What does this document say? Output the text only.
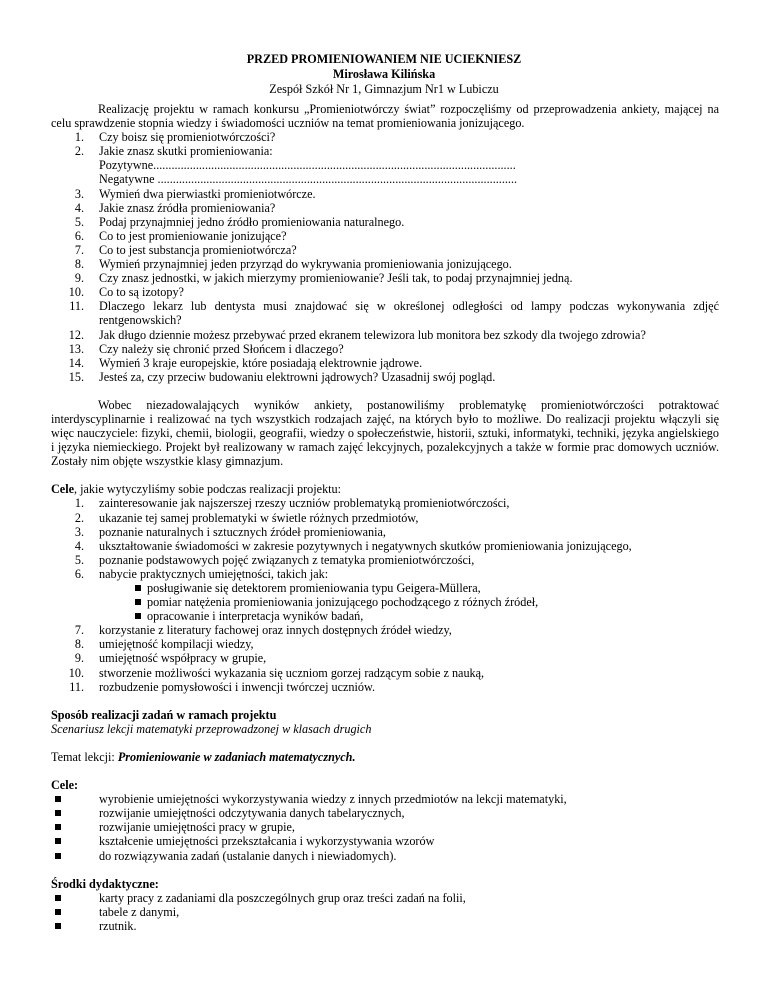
PRZED PROMIENIOWANIEM NIE UCIEKNIESZ
Mirosława Kilińska
Zespół Szkół Nr 1, Gimnazjum Nr1 w Lubiczu

Realizację projektu w ramach konkursu „Promieniotwórczy świat” rozpoczęliśmy od przeprowadzenia ankiety, mającej na celu sprawdzenie stopnia wiedzy i świadomości uczniów na temat promieniowania jonizującego.

1. Czy boisz się promieniotwórczości?
2. Jakie znasz skutki promieniowania:
Pozytywne.......................................................................................................................
Negatywne ......................................................................................................................
3. Wymień dwa pierwiastki promieniotwórcze.
4. Jakie znasz źródła promieniowania?
5. Podaj przynajmniej jedno źródło promieniowania naturalnego.
6. Co to jest promieniowanie jonizujące?
7. Co to jest substancja promieniotwórcza?
8. Wymień przynajmniej jeden przyrząd do wykrywania promieniowania jonizującego.
9. Czy znasz jednostki, w jakich mierzymy promieniowanie? Jeśli tak, to podaj przynajmniej jedną.
10. Co to są izotopy?
11. Dlaczego lekarz lub dentysta musi znajdować się w określonej odległości od lampy podczas wykonywania zdjęć rentgenowskich?
12. Jak długo dziennie możesz przebywać przed ekranem telewizora lub monitora bez szkody dla twojego zdrowia?
13. Czy należy się chronić przed Słońcem i dlaczego?
14. Wymień 3 kraje europejskie, które posiadają elektrownie jądrowe.
15. Jesteś za, czy przeciw budowaniu elektrowni jądrowych? Uzasadnij swój pogląd.

Wobec niezadowalających wyników ankiety, postanowiliśmy problematykę promieniotwórczości potraktować interdyscyplinarnie i realizować na tych wszystkich rodzajach zajęć, na których było to możliwe. Do realizacji projektu włączyli się więc nauczyciele: fizyki, chemii, biologii, geografii, wiedzy o społeczeństwie, historii, sztuki, informatyki, techniki, języka angielskiego i języka niemieckiego. Projekt był realizowany w ramach zajęć lekcyjnych, pozalekcyjnych a także w formie prac domowych uczniów. Zostały nim objęte wszystkie klasy gimnazjum.

Cele, jakie wytyczyliśmy sobie podczas realizacji projektu:

1. zainteresowanie jak najszerszej rzeszy uczniów problematyką promieniotwórczości,
2. ukazanie tej samej problematyki w świetle różnych przedmiotów,
3. poznanie naturalnych i sztucznych źródeł promieniowania,
4. ukształtowanie świadomości w zakresie pozytywnych i negatywnych skutków promieniowania jonizującego,
5. poznanie podstawowych pojęć związanych z tematyka promieniotwórczości,
6. nabycie praktycznych umiejętności, takich jak:
posługiwanie się detektorem promieniowania typu Geigera-Müllera,
pomiar natężenia promieniowania jonizującego pochodzącego z różnych źródeł,
opracowanie i interpretacja wyników badań,
7. korzystanie z literatury fachowej oraz innych dostępnych źródeł wiedzy,
8. umiejętność kompilacji wiedzy,
9. umiejętność współpracy w grupie,
10. stworzenie możliwości wykazania się uczniom gorzej radzącym sobie z nauką,
11. rozbudzenie pomysłowości i inwencji twórczej uczniów.

Sposób realizacji zadań w ramach projektu

Scenariusz lekcji matematyki przeprowadzonej w klasach drugich

Temat lekcji: Promieniowanie w zadaniach matematycznych.

Cele:

wyrobienie umiejętności wykorzystywania wiedzy z innych przedmiotów na lekcji matematyki,
rozwijanie umiejętności odczytywania danych tabelarycznych,
rozwijanie umiejętności pracy w grupie,
kształcenie umiejętności przekształcania i wykorzystywania wzorów
do rozwiązywania zadań (ustalanie danych i niewiadomych).

Środki dydaktyczne:

karty pracy z zadaniami dla poszczególnych grup oraz treści zadań na folii,
tabele z danymi,
rzutnik.
